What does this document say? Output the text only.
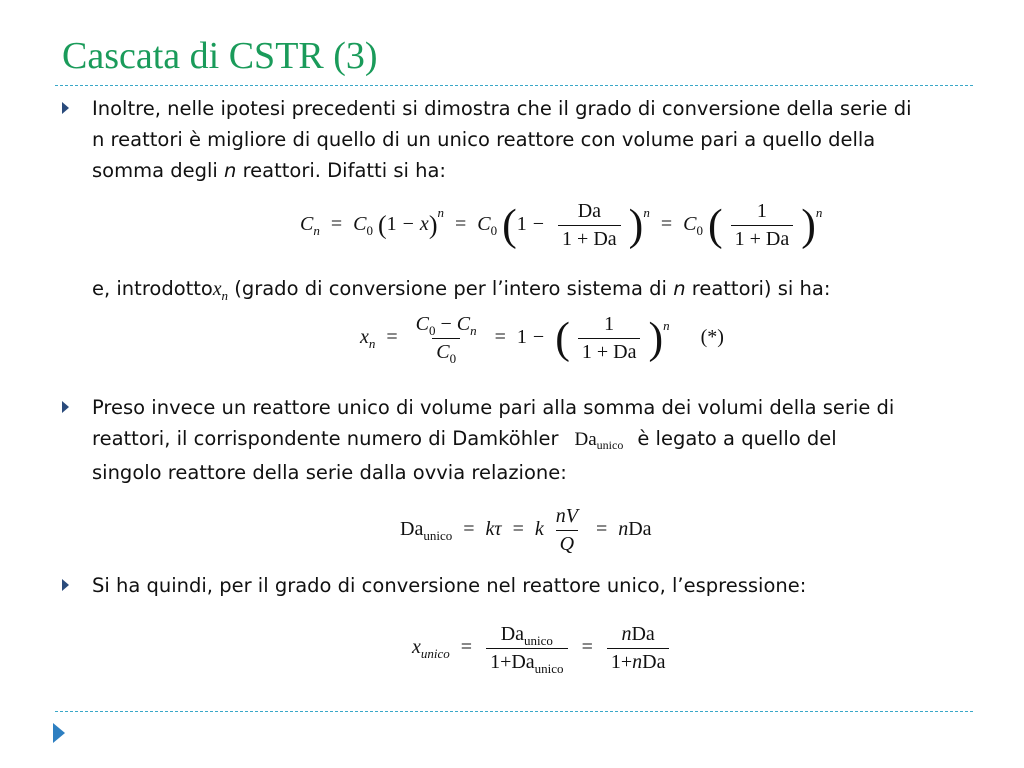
Cascata di CSTR (3)
Inoltre, nelle ipotesi precedenti si dimostra che il grado di conversione della serie di
n reattori è migliore di quello di un unico reattore con volume pari a quello della
somma degli n reattori. Difatti si ha:
$C_n = C_0$ $(1 - x)^n = C_0$ $(1 - \frac{Da}{1 + Da} )^n = C_0$ ( $\frac{1}{1 + Da} )^n$
e, introdottox$_n$ (grado di conversione per l’intero sistema di n reattori) si ha:
$x_n = \frac{C_0 - C_n}{C_0} = 1$ − ( $\frac{1}{1 + Da} )^n$ (*)
Preso invece un reattore unico di volume pari alla somma dei volumi della serie di
reattori, il corrispondente numero di Damköhler $Da_{unico}$ è legato a quello del
singolo reattore della serie dalla ovvia relazione:
$Da_{unico} = k\tau = k \frac{nV}{Q}$ = nDa
Si ha quindi, per il grado di conversione nel reattore unico, l’espressione:
$x_{unico} = \frac{Da_{unico}}{1+Da_{unico}} = \frac{\text{nDa}}{\text{1+nDa}}$
